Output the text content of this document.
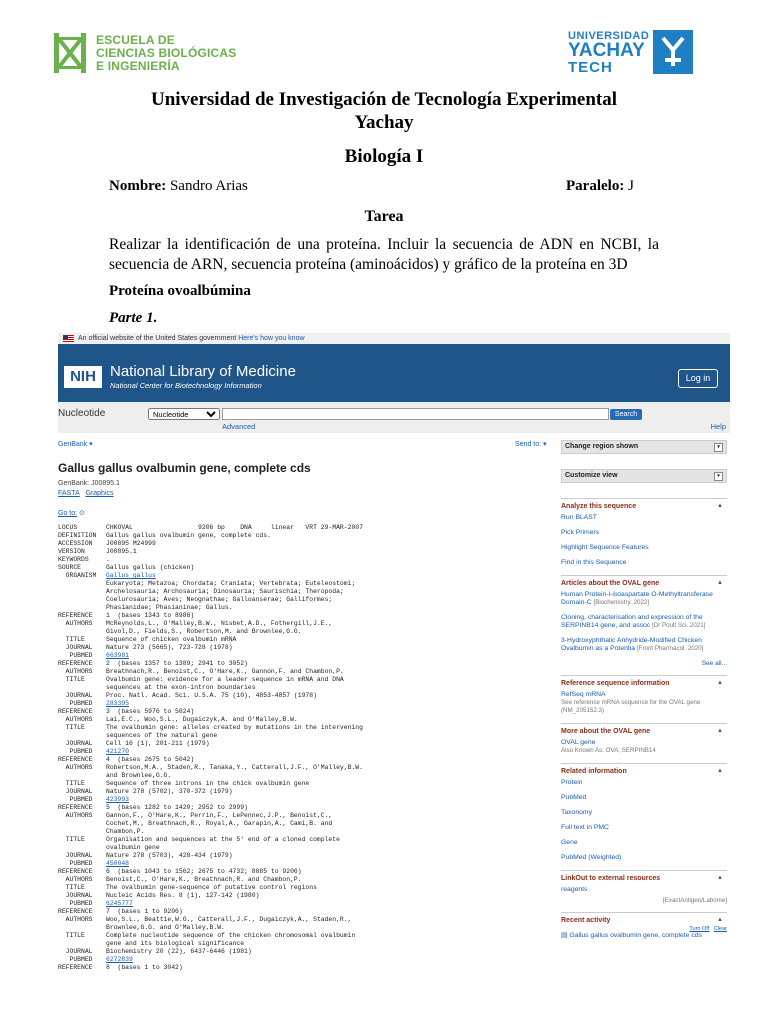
ESCUELA DE
CIENCIAS BIOLÓGICAS
E INGENIERÍA
UNIVERSIDAD
YACHAY
TECH
Universidad de Investigación de Tecnología Experimental
Yachay
Biología I
Nombre: Sandro Arias	Paralelo: J
Tarea
Realizar la identificación de una proteína. Incluir la secuencia de ADN en NCBI, la secuencia de ARN, secuencia proteína (aminoácidos) y gráfico de la proteína en 3D
Proteína ovoalbúmina
Parte 1.
An official website of the United States government Here's how you know
NIH National Library of Medicine
National Center for Biotechnology Information
Log in
Nucleotide
Nucleotide	Search
Advanced	Help
GenBank ▾	Send to: ▾
Gallus gallus ovalbumin gene, complete cds
GenBank: J00895.1
FASTA Graphics
Go to: ⊙
LOCUS	CHKOVAL                 9206 bp    DNA     linear   VRT 29-MAR-2007
DEFINITION	Gallus gallus ovalbumin gene, complete cds.
ACCESSION	J00895 M24999
VERSION	J00895.1
KEYWORDS	.
SOURCE	Gallus gallus (chicken)
ORGANISM	Gallus gallus
Eukaryota; Metazoa; Chordata; Craniata; Vertebrata; Euteleostomi;
Archelosauria; Archosauria; Dinosauria; Saurischia; Theropoda;
Coelurosauria; Aves; Neognathae; Galloanserae; Galliformes;
Phasianidae; Phasianinae; Gallus.
REFERENCE	1  (bases 1343 to 8986)
AUTHORS	McReynolds,L., O'Malley,B.W., Nisbet,A.D., Fothergill,J.E.,
Givol,D., Fields,S., Robertson,M. and Brownlee,G.G.
TITLE	Sequence of chicken ovalbumin mRNA
JOURNAL	Nature 273 (5665), 723-728 (1978)
PUBMED	663981
REFERENCE	2  (bases 1357 to 1389; 2941 to 3052)
AUTHORS	Breathnach,R., Benoist,C., O'Hare,K., Gannon,F. and Chambon,P.
TITLE	Ovalbumin gene: evidence for a leader sequence in mRNA and DNA
sequences at the exon-intron boundaries
JOURNAL	Proc. Natl. Acad. Sci. U.S.A. 75 (10), 4853-4857 (1978)
PUBMED	283395
REFERENCE	3  (bases 5976 to 5024)
AUTHORS	Lai,E.C., Woo,S.L., Dugaiczyk,A. and O'Malley,B.W.
TITLE	The ovalbumin gene: alleles created by mutations in the intervening
sequences of the natural gene
JOURNAL	Cell 16 (1), 201-211 (1979)
PUBMED	421270
REFERENCE	4  (bases 2675 to 5042)
AUTHORS	Robertson,M.A., Staden,R., Tanaka,Y., Catterall,J.F., O'Malley,B.W.
and Brownlee,G.G.
TITLE	Sequence of three introns in the chick ovalbumin gene
JOURNAL	Nature 278 (5702), 370-372 (1979)
PUBMED	423993
REFERENCE	5  (bases 1282 to 1420; 2952 to 2999)
AUTHORS	Gannon,F., O'Hare,K., Perrin,F., LePennec,J.P., Benoist,C.,
Cochet,M., Breathnach,R., Royal,A., Garapin,A., Cami,B. and
Chambon,P.
TITLE	Organisation and sequences at the 5' end of a cloned complete
ovalbumin gene
JOURNAL	Nature 278 (5703), 428-434 (1979)
PUBMED	450048
REFERENCE	6  (bases 1043 to 1562; 2675 to 4732; 8885 to 9206)
AUTHORS	Benoist,C., O'Hare,K., Breathnach,R. and Chambon,P.
TITLE	The ovalbumin gene-sequence of putative control regions
JOURNAL	Nucleic Acids Res. 8 (1), 127-142 (1980)
PUBMED	6245777
REFERENCE	7  (bases 1 to 9206)
AUTHORS	Woo,S.L., Beattie,W.G., Catterall,J.F., Dugaiczyk,A., Staden,R.,
Brownlee,G.G. and O'Malley,B.W.
TITLE	Complete nucleotide sequence of the chicken chromosomal ovalbumin
gene and its biological significance
JOURNAL	Biochemistry 20 (22), 6437-6446 (1981)
PUBMED	6272839
REFERENCE	8  (bases 1 to 3042)
Change region shown	▾
Customize view	▾
▲
Analyze this sequence
Run BLAST
Pick Primers
Highlight Sequence Features
Find in this Sequence
▲
Articles about the OVAL gene
Human Protein-l-isoaspartate O-Methyltransferase Domain-C [Biochemistry. 2022]
Cloning, characterisation and expression of the SERPINB14 gene, and assoc [Dr Poult Sci. 2021]
3-Hydroxyphthalic Anhydride-Modified Chicken Ovalbumin as a Potentia [Front Pharmacol. 2020]
See all...
▲
Reference sequence information
RefSeq mRNA
See reference mRNA sequence for the OVAL gene (NM_205152.3)
▲
More about the OVAL gene
OVAL gene
Also Known As: OVA; SERPINB14
▲
Related information
Protein
PubMed
Taxonomy
Full text in PMC
Gene
PubMed (Weighted)
▲
LinkOut to external resources
reagents
[ExactAntigen/Labome]
▲
Recent activity
Turn Off Clear
▤ Gallus gallus ovalbumin gene, complete cds
